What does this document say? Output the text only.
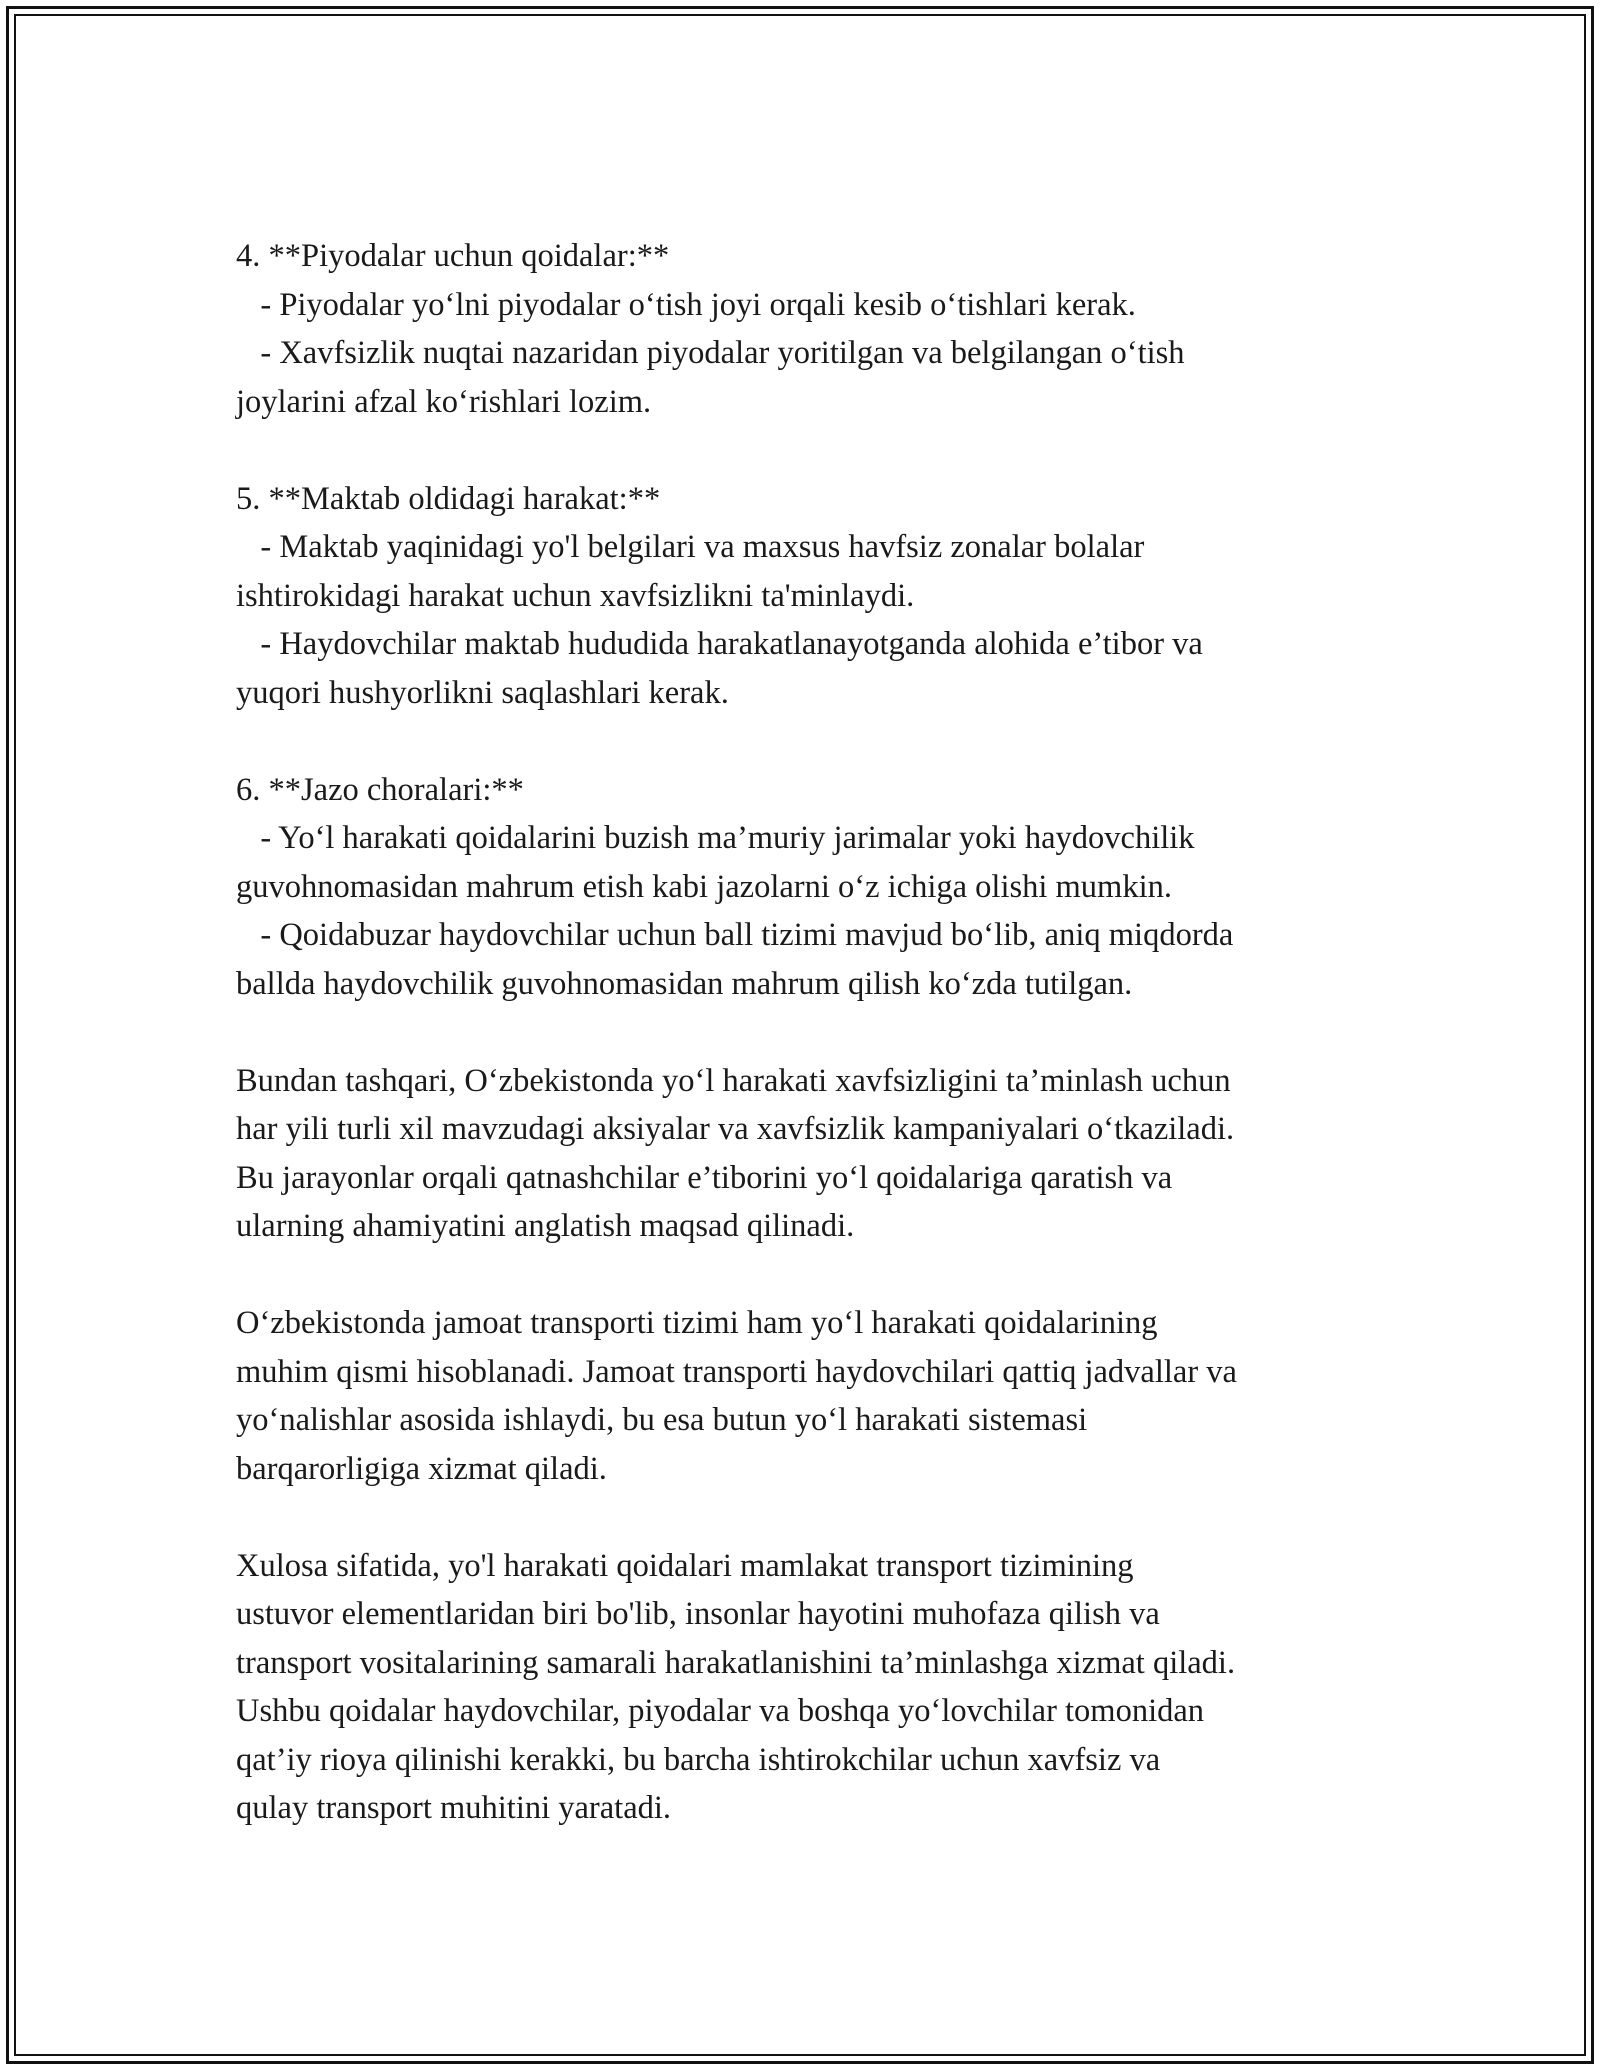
4. **Piyodalar uchun qoidalar:**
- Piyodalar yo‘lni piyodalar o‘tish joyi orqali kesib o‘tishlari kerak.
- Xavfsizlik nuqtai nazaridan piyodalar yoritilgan va belgilangan o‘tish
joylarini afzal ko‘rishlari lozim.
5. **Maktab oldidagi harakat:**
- Maktab yaqinidagi yo'l belgilari va maxsus havfsiz zonalar bolalar
ishtirokidagi harakat uchun xavfsizlikni ta'minlaydi.
- Haydovchilar maktab hududida harakatlanayotganda alohida e’tibor va
yuqori hushyorlikni saqlashlari kerak.
6. **Jazo choralari:**
- Yo‘l harakati qoidalarini buzish ma’muriy jarimalar yoki haydovchilik
guvohnomasidan mahrum etish kabi jazolarni o‘z ichiga olishi mumkin.
- Qoidabuzar haydovchilar uchun ball tizimi mavjud bo‘lib, aniq miqdorda
ballda haydovchilik guvohnomasidan mahrum qilish ko‘zda tutilgan.
Bundan tashqari, O‘zbekistonda yo‘l harakati xavfsizligini ta’minlash uchun
har yili turli xil mavzudagi aksiyalar va xavfsizlik kampaniyalari o‘tkaziladi.
Bu jarayonlar orqali qatnashchilar e’tiborini yo‘l qoidalariga qaratish va
ularning ahamiyatini anglatish maqsad qilinadi.
O‘zbekistonda jamoat transporti tizimi ham yo‘l harakati qoidalarining
muhim qismi hisoblanadi. Jamoat transporti haydovchilari qattiq jadvallar va
yo‘nalishlar asosida ishlaydi, bu esa butun yo‘l harakati sistemasi
barqarorligiga xizmat qiladi.
Xulosa sifatida, yo'l harakati qoidalari mamlakat transport tizimining
ustuvor elementlaridan biri bo'lib, insonlar hayotini muhofaza qilish va
transport vositalarining samarali harakatlanishini ta’minlashga xizmat qiladi.
Ushbu qoidalar haydovchilar, piyodalar va boshqa yo‘lovchilar tomonidan
qat’iy rioya qilinishi kerakki, bu barcha ishtirokchilar uchun xavfsiz va
qulay transport muhitini yaratadi.
